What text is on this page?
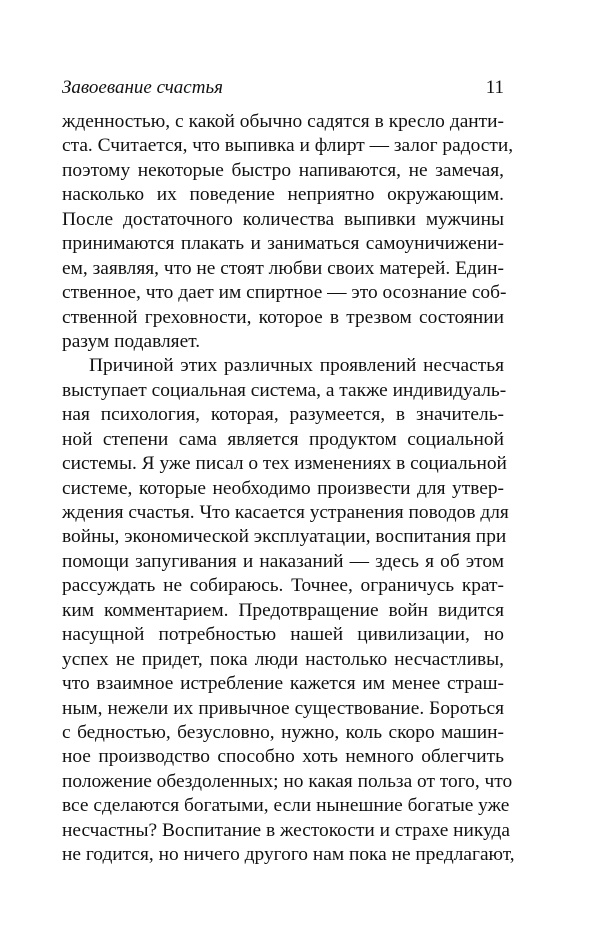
Завоевание счастья	11
жденностью, с какой обычно садятся в кресло данти-
ста. Считается, что выпивка и флирт — залог радости,
поэтому некоторые быстро напиваются, не замечая,
насколько их поведение неприятно окружающим.
После достаточного количества выпивки мужчины
принимаются плакать и заниматься самоуничижени-
ем, заявляя, что не стоят любви своих матерей. Един-
ственное, что дает им спиртное — это осознание соб-
ственной греховности, которое в трезвом состоянии
разум подавляет.
Причиной этих различных проявлений несчастья
выступает социальная система, а также индивидуаль-
ная психология, которая, разумеется, в значитель-
ной степени сама является продуктом социальной
системы. Я уже писал о тех изменениях в социальной
системе, которые необходимо произвести для утвер-
ждения счастья. Что касается устранения поводов для
войны, экономической эксплуатации, воспитания при
помощи запугивания и наказаний — здесь я об этом
рассуждать не собираюсь. Точнее, ограничусь крат-
ким комментарием. Предотвращение войн видится
насущной потребностью нашей цивилизации, но
успех не придет, пока люди настолько несчастливы,
что взаимное истребление кажется им менее страш-
ным, нежели их привычное существование. Бороться
с бедностью, безусловно, нужно, коль скоро машин-
ное производство способно хоть немного облегчить
положение обездоленных; но какая польза от того, что
все сделаются богатыми, если нынешние богатые уже
несчастны? Воспитание в жестокости и страхе никуда
не годится, но ничего другого нам пока не предлагают,
